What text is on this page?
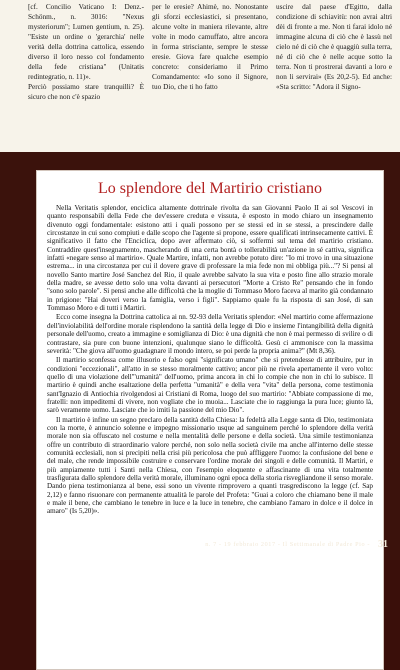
[cf. Concilio Vaticano I: Denz.-Schönm., n. 3016: "Nexus mysteriorum"; Lumen gentium, n. 25). "Esiste un ordine o 'gerarchia' nelle verità della dottrina cattolica, essendo diverso il loro nesso col fondamento della fede cristiana" (Unitatis redintegratio, n. 11)».

Perciò possiamo stare tranquilli? È sicuro che non c'è spazio

per le eresie? Ahimè, no. Nonostante gli sforzi ecclesiastici, si presentano, alcune volte in maniera rilevante, altre volte in modo camuffato, altre ancora in forma strisciante, sempre le stesse eresie. Giova fare qualche esempio concreto: consideriamo il Primo Comandamento: «Io sono il Signore, tuo Dio, che ti ho fatto

uscire dal paese d'Egitto, dalla condizione di schiavitù: non avrai altri dèi di fronte a me. Non ti farai idolo né immagine alcuna di ciò che è lassù nel cielo né di ciò che è quaggiù sulla terra, né di ciò che è nelle acque sotto la terra. Non ti prostrerai davanti a loro e non li servirai» (Es 20,2-5). Ed anche: «Sta scritto: "Adora il Signo-

Lo splendore del Martirio cristiano

Nella Veritatis splendor, enciclica altamente dottrinale rivolta da san Giovanni Paolo II ai sol Vescovi in quanto responsabili della Fede che dev'essere creduta e vissuta, è esposto in modo chiaro un insegnamento divenuto oggi fondamentale: esistono atti i quali possono per se stessi ed in se stessi, a prescindere dalle circostanze in cui sono compiuti e dalle scopo che l'agente si propone, essere qualificati intrinsecamente cattivi. È significativo il fatto che l'Enciclica, dopo aver affermato ciò, si soffermi sul tema del martirio cristiano. Contraddire quest'insegnamento, mascherando di una certa bontà o tollerabilità un'azione in sé cattiva, significa infatti «negare senso al martirio». Quale Martire, infatti, non avrebbe potuto dire: "Io mi trovo in una situazione estrema... in una circostanza per cui il dovere grave di professare la mia fede non mi obbliga più..."? Si pensi al novello Santo martire José Sanchez del Rio, il quale avrebbe salvato la sua vita e posto fine allo strazio morale della madre, se avesse detto solo una volta davanti ai persecutori "Morte a Cristo Re" pensando che in fondo "sono solo parole". Si pensi anche alle difficoltà che la moglie di Tommaso Moro faceva al marito già condannato in prigione: "Hai doveri verso la famiglia, verso i figli". Sappiamo quale fu la risposta di san José, di san Tommaso Moro e di tutti i Martiri.

Ecco come insegna la Dottrina cattolica ai nn. 92-93 della Veritatis splendor: «Nel martirio come affermazione dell'inviolabilità dell'ordine morale risplendono la santità della legge di Dio e insieme l'intangibilità della dignità personale dell'uomo, creato a immagine e somiglianza di Dio: è una dignità che non è mai permesso di svilire o di contrastare, sia pure con buone intenzioni, qualunque siano le difficoltà. Gesù ci ammonisce con la massima severità: "Che giova all'uomo guadagnare il mondo intero, se poi perde la propria anima?" (Mt 8,36).

Il martirio sconfessa come illusorio e falso ogni "significato umano" che si pretendesse di attribuire, pur in condizioni "eccezionali", all'atto in se stesso moralmente cattivo; ancor più ne rivela apertamente il vero volto: quello di una violazione dell'"umanità" dell'uomo, prima ancora in chi lo compie che non in chi lo subisce. Il martirio è quindi anche esaltazione della perfetta "umanità" e della vera "vita" della persona, come testimonia sant'Ignazio di Antiochia rivolgendosi ai Cristiani di Roma, luogo del suo martirio: "Abbiate compassione di me, fratelli: non impeditemi di vivere, non vogliate che io muoia... Lasciate che io raggiunga la pura luce; giunto là, sarò veramente uomo. Lasciate che io imiti la passione del mio Dio".

Il martirio è infine un segno preclaro della santità della Chiesa: la fedeltà alla Legge santa di Dio, testimoniata con la morte, è annuncio solenne e impegno missionario usque ad sanguinem perché lo splendore della verità morale non sia offuscato nel costume e nella mentalità delle persone e della società. Una simile testimonianza offre un contributo di straordinario valore perché, non solo nella società civile ma anche all'interno delle stesse comunità ecclesiali, non si precipiti nella crisi più pericolosa che può affliggere l'uomo: la confusione del bene e del male, che rende impossibile costruire e conservare l'ordine morale dei singoli e delle comunità. Il Martiri, e più ampiamente tutti i Santi nella Chiesa, con l'esempio eloquente e affascinante di una vita totalmente trasfigurata dallo splendore della verità morale, illuminano ogni epoca della storia risvegliandone il senso morale. Dando piena testimonianza al bene, essi sono un vivente rimprovero a quanti trasgrediscono la legge (cf. Sap 2,12) e fanno risuonare con permanente attualità le parole del Profeta: "Guai a coloro che chiamano bene il male e male il bene, che cambiano le tenebre in luce e la luce in tenebre, che cambiano l'amaro in dolce e il dolce in amaro" (Is 5,20)».

n. 7 - 19 febbraio 2017 - Il Settimanale di Padre Pio - 31
